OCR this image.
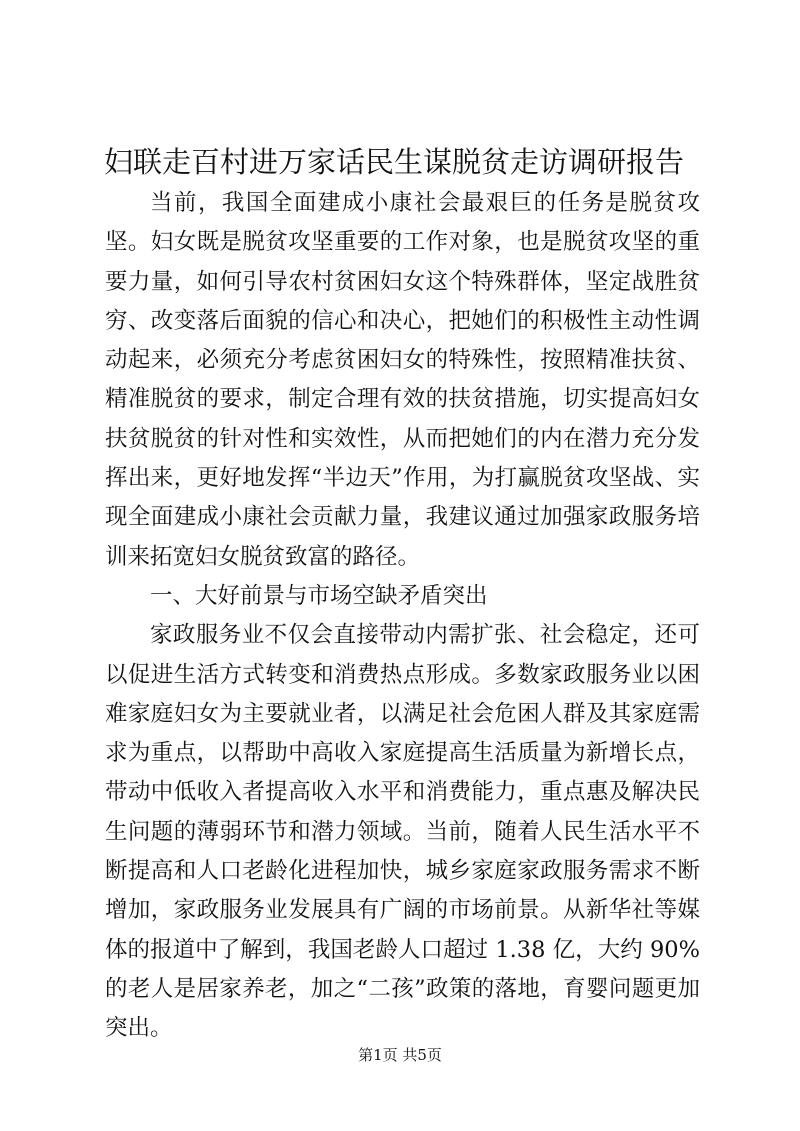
妇联走百村进万家话民生谋脱贫走访调研报告

当前，我国全面建成小康社会最艰巨的任务是脱贫攻坚。妇女既是脱贫攻坚重要的工作对象，也是脱贫攻坚的重要力量，如何引导农村贫困妇女这个特殊群体，坚定战胜贫穷、改变落后面貌的信心和决心，把她们的积极性主动性调动起来，必须充分考虑贫困妇女的特殊性，按照精准扶贫、精准脱贫的要求，制定合理有效的扶贫措施，切实提高妇女扶贫脱贫的针对性和实效性，从而把她们的内在潜力充分发挥出来，更好地发挥“半边天”作用，为打赢脱贫攻坚战、实现全面建成小康社会贡献力量，我建议通过加强家政服务培训来拓宽妇女脱贫致富的路径。

一、大好前景与市场空缺矛盾突出

家政服务业不仅会直接带动内需扩张、社会稳定，还可以促进生活方式转变和消费热点形成。多数家政服务业以困难家庭妇女为主要就业者，以满足社会危困人群及其家庭需求为重点，以帮助中高收入家庭提高生活质量为新增长点，带动中低收入者提高收入水平和消费能力，重点惠及解决民生问题的薄弱环节和潜力领域。当前，随着人民生活水平不断提高和人口老龄化进程加快，城乡家庭家政服务需求不断增加，家政服务业发展具有广阔的市场前景。从新华社等媒体的报道中了解到，我国老龄人口超过 1.38 亿，大约 90%的老人是居家养老，加之“二孩”政策的落地，育婴问题更加突出。

第1页 共5页
